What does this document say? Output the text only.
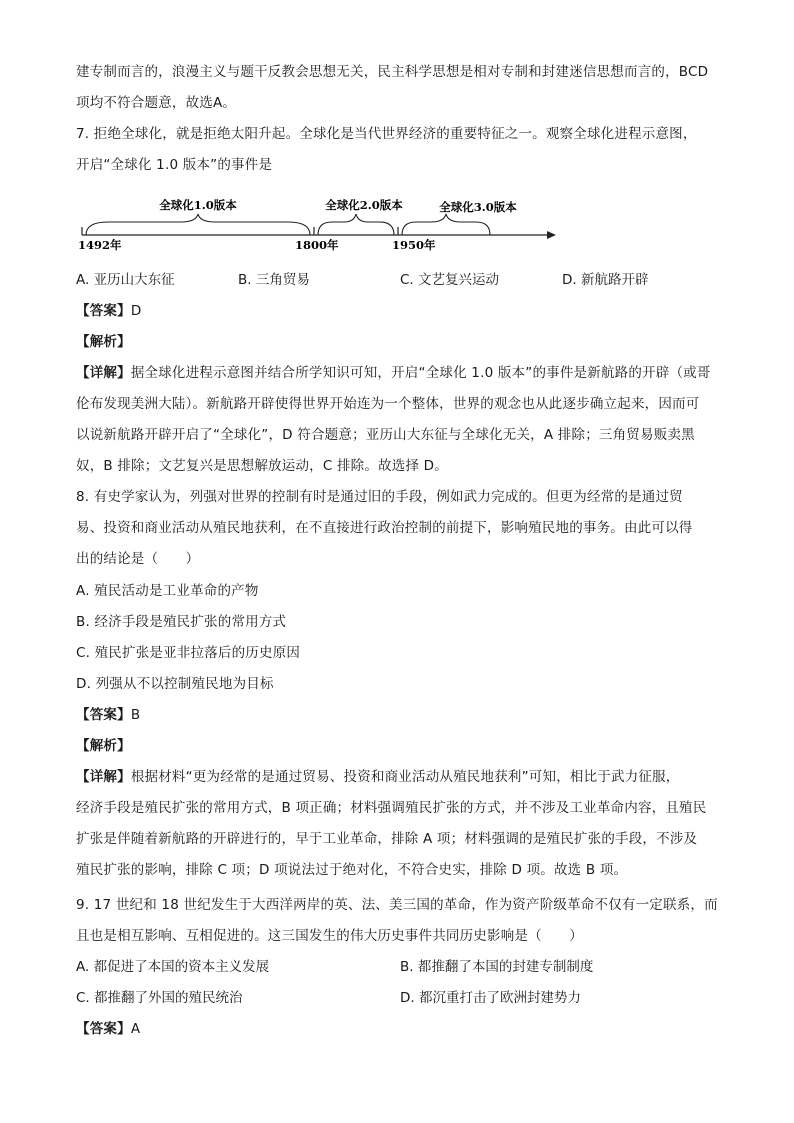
建专制而言的，浪漫主义与题干反教会思想无关，民主科学思想是相对专制和封建迷信思想而言的，BCD
项均不符合题意，故选A。
7. 拒绝全球化，就是拒绝太阳升起。全球化是当代世界经济的重要特征之一。观察全球化进程示意图，
开启“全球化 1.0 版本”的事件是
全球化1.0版本	全球化2.0版本	全球化3.0版本
1492年	1800年	1950年
A. 亚历山大东征	B. 三角贸易	C. 文艺复兴运动	D. 新航路开辟
【答案】D
【解析】
【详解】据全球化进程示意图并结合所学知识可知，开启“全球化 1.0 版本”的事件是新航路的开辟（或哥
伦布发现美洲大陆）。新航路开辟使得世界开始连为一个整体，世界的观念也从此逐步确立起来，因而可
以说新航路开辟开启了“全球化”，D 符合题意；亚历山大东征与全球化无关，A 排除；三角贸易贩卖黑
奴，B 排除；文艺复兴是思想解放运动，C 排除。故选择 D。
8. 有史学家认为，列强对世界的控制有时是通过旧的手段，例如武力完成的。但更为经常的是通过贸
易、投资和商业活动从殖民地获利，在不直接进行政治控制的前提下，影响殖民地的事务。由此可以得
出的结论是（　　）
A. 殖民活动是工业革命的产物
B. 经济手段是殖民扩张的常用方式
C. 殖民扩张是亚非拉落后的历史原因
D. 列强从不以控制殖民地为目标
【答案】B
【解析】
【详解】根据材料“更为经常的是通过贸易、投资和商业活动从殖民地获利”可知，相比于武力征服，
经济手段是殖民扩张的常用方式，B 项正确；材料强调殖民扩张的方式，并不涉及工业革命内容，且殖民
扩张是伴随着新航路的开辟进行的，早于工业革命，排除 A 项；材料强调的是殖民扩张的手段，不涉及
殖民扩张的影响，排除 C 项；D 项说法过于绝对化，不符合史实，排除 D 项。故选 B 项。
9. 17 世纪和 18 世纪发生于大西洋两岸的英、法、美三国的革命，作为资产阶级革命不仅有一定联系，而
且也是相互影响、互相促进的。这三国发生的伟大历史事件共同历史影响是（　　）
A. 都促进了本国的资本主义发展	B. 都推翻了本国的封建专制制度
C. 都推翻了外国的殖民统治	D. 都沉重打击了欧洲封建势力
【答案】A
